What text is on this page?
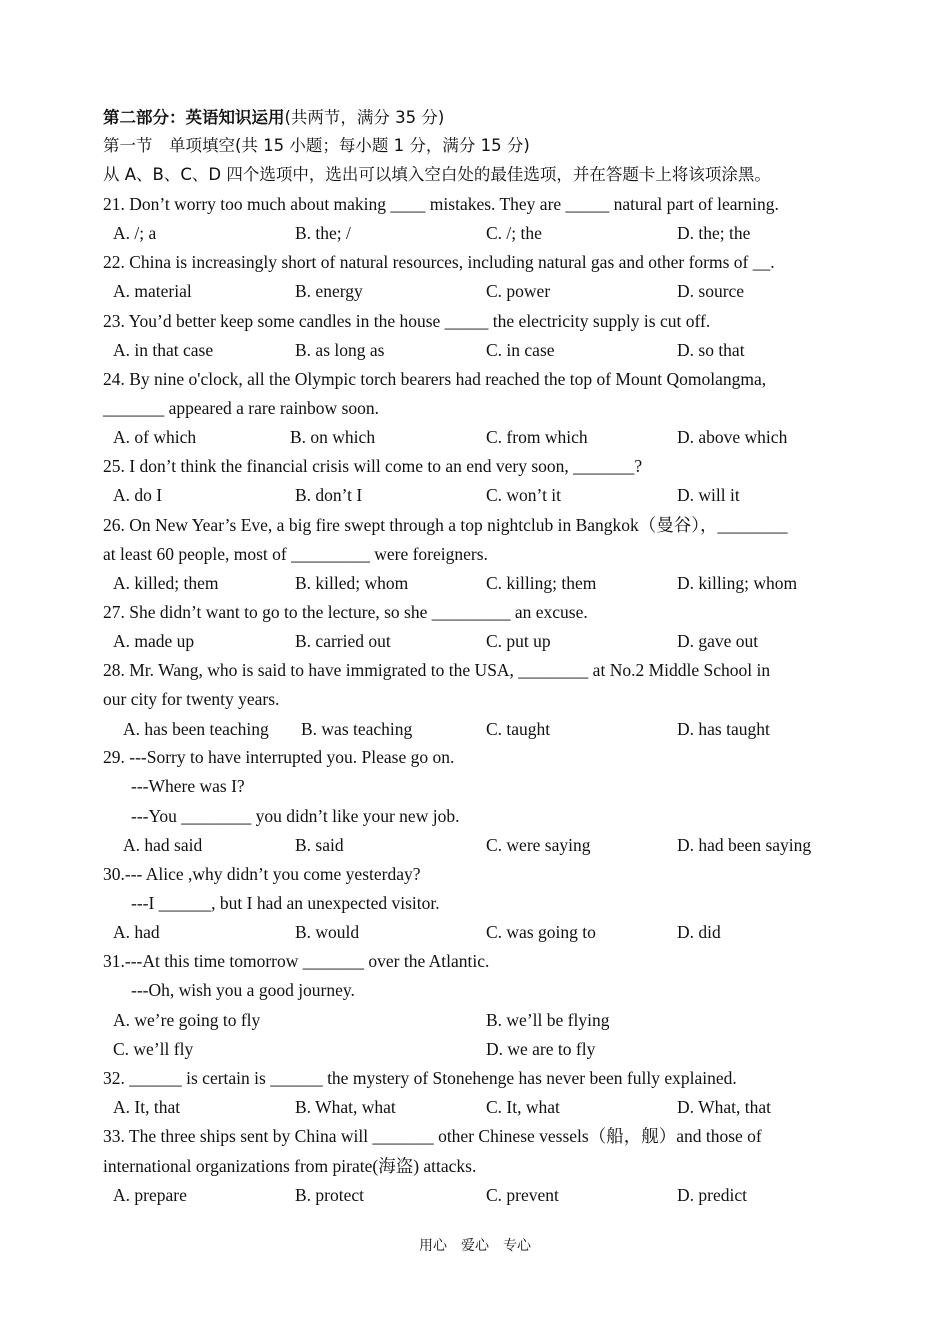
第二部分：英语知识运用(共两节，满分 35 分)
第一节　单项填空(共 15 小题；每小题 1 分，满分 15 分)
从 A、B、C、D 四个选项中，选出可以填入空白处的最佳选项，并在答题卡上将该项涂黑。
21. Don’t worry too much about making ____ mistakes. They are _____ natural part of learning.
A. /; a	B. the; /	C. /; the	D. the; the
22. China is increasingly short of natural resources, including natural gas and other forms of __.
A. material	B. energy	C. power	D. source
23. You’d better keep some candles in the house _____ the electricity supply is cut off.
A. in that case	B. as long as	C. in case	D. so that
24. By nine o'clock, all the Olympic torch bearers had reached the top of Mount Qomolangma,
_______ appeared a rare rainbow soon.
A. of which	B. on which	C. from which	D. above which
25. I don’t think the financial crisis will come to an end very soon, _______?
A. do I	B. don’t I	C. won’t it	D. will it
26. On New Year’s Eve, a big fire swept through a top nightclub in Bangkok（曼谷），________
at least 60 people, most of _________ were foreigners.
A. killed; them	B. killed; whom	C. killing; them	D. killing; whom
27. She didn’t want to go to the lecture, so she _________ an excuse.
A. made up	B. carried out	C. put up	D. gave out
28. Mr. Wang, who is said to have immigrated to the USA, ________ at No.2 Middle School in
our city for twenty years.
A. has been teaching B. was teaching	C. taught	D. has taught
29. ---Sorry to have interrupted you. Please go on.
---Where was I?
---You ________ you didn’t like your new job.
A. had said	B. said	C. were saying	D. had been saying
30.--- Alice ,why didn’t you come yesterday?
---I ______, but I had an unexpected visitor.
A. had	B. would	C. was going to	D. did
31.---At this time tomorrow _______ over the Atlantic.
---Oh, wish you a good journey.
A. we’re going to fly	B. we’ll be flying
C. we’ll fly	D. we are to fly
32. ______ is certain is ______ the mystery of Stonehenge has never been fully explained.
A. It, that	B. What, what	C. It, what	D. What, that
33. The three ships sent by China will _______ other Chinese vessels（船，舰）and those of
international organizations from pirate(海盗) attacks.
A. prepare	B. protect	C. prevent	D. predict
用心　爱心　专心
